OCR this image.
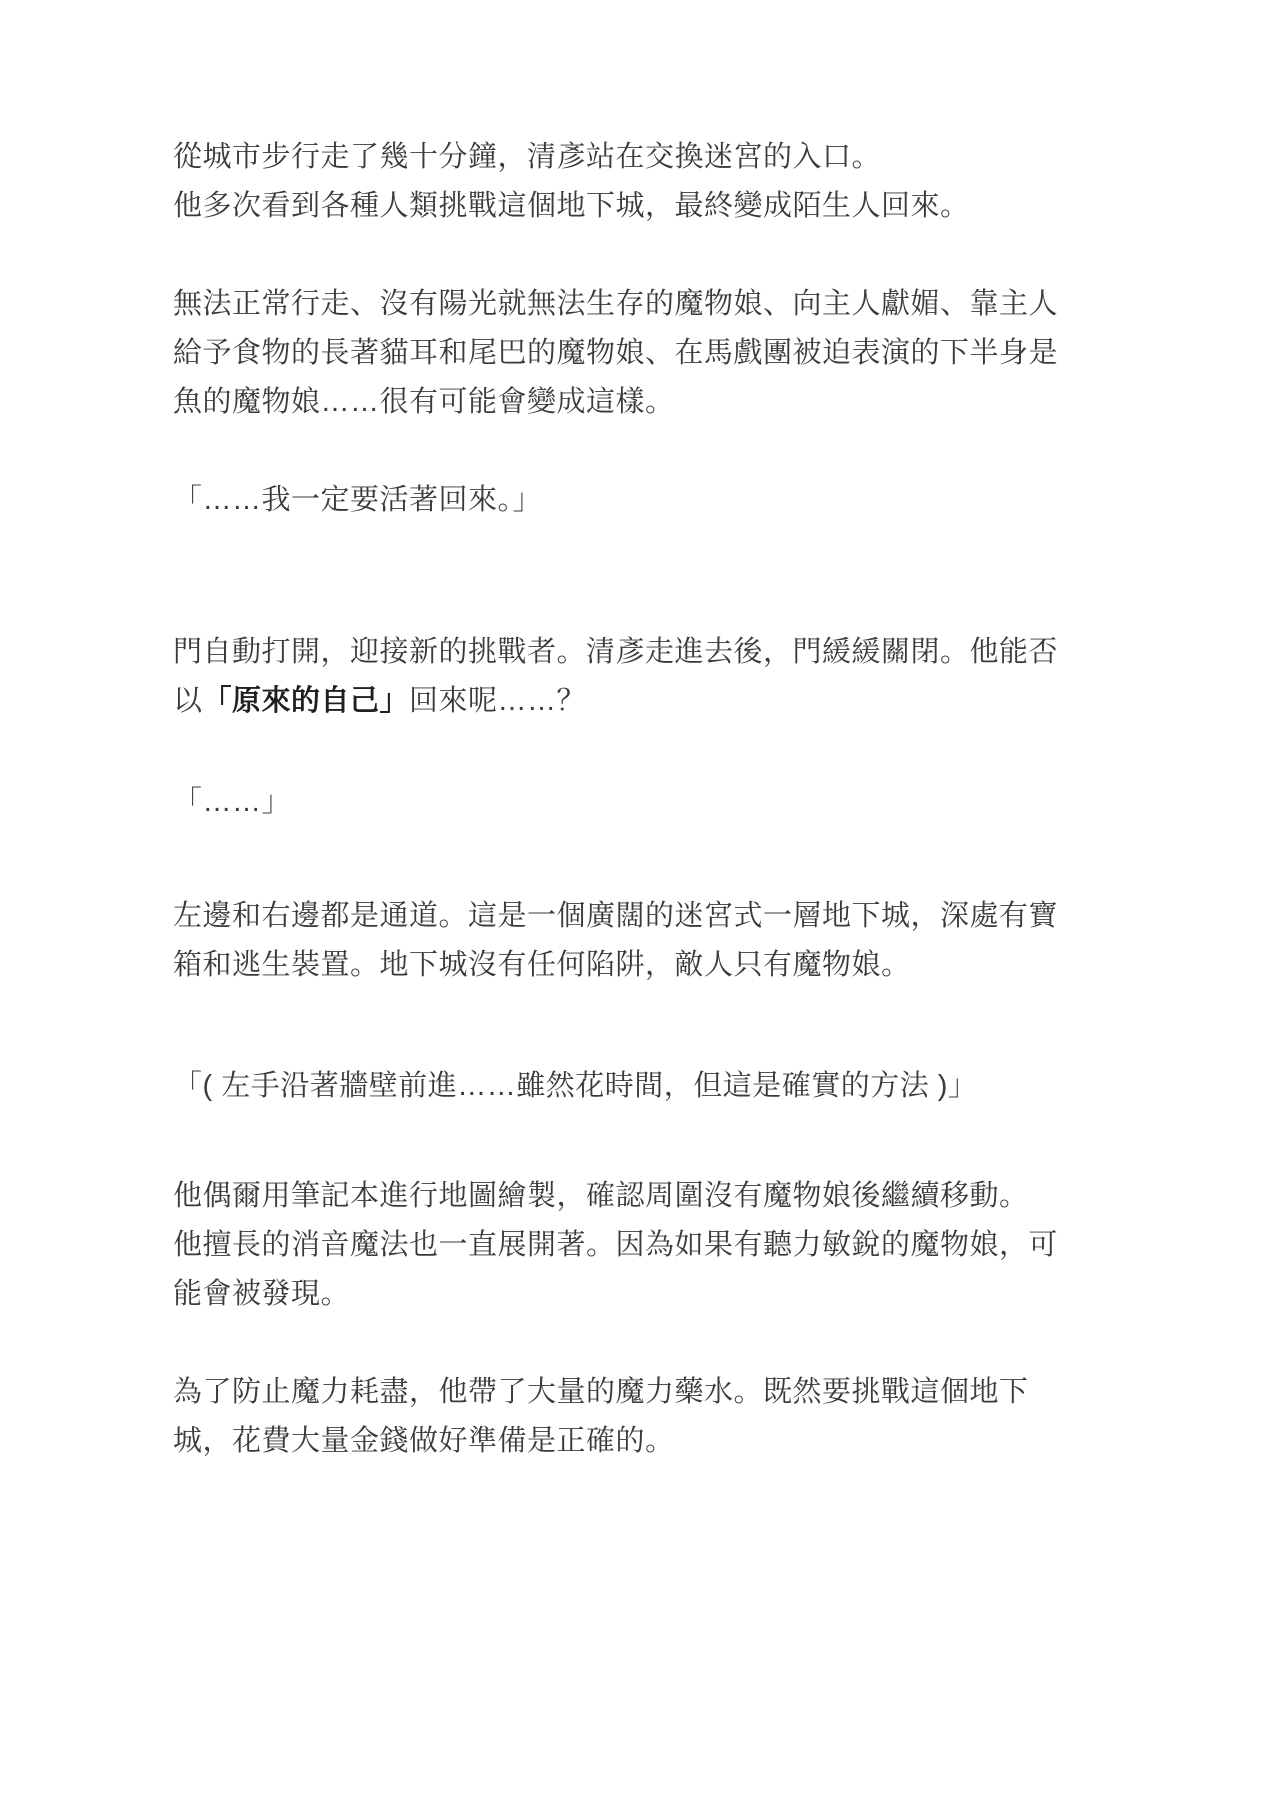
從城市步行走了幾十分鐘，清彥站在交換迷宮的入口。
他多次看到各種人類挑戰這個地下城，最終變成陌生人回來。
無法正常行走、沒有陽光就無法生存的魔物娘、向主人獻媚、靠主人
給予食物的長著貓耳和尾巴的魔物娘、在馬戲團被迫表演的下半身是
魚的魔物娘……很有可能會變成這樣。
「……我一定要活著回來。」
門自動打開，迎接新的挑戰者。清彥走進去後，門緩緩關閉。他能否
以「原來的自己」回來呢……？
「……」
左邊和右邊都是通道。這是一個廣闊的迷宮式一層地下城，深處有寶
箱和逃生裝置。地下城沒有任何陷阱，敵人只有魔物娘。
「( 左手沿著牆壁前進……雖然花時間，但這是確實的方法 )」
他偶爾用筆記本進行地圖繪製，確認周圍沒有魔物娘後繼續移動。
他擅長的消音魔法也一直展開著。因為如果有聽力敏銳的魔物娘，可
能會被發現。
為了防止魔力耗盡，他帶了大量的魔力藥水。既然要挑戰這個地下
城，花費大量金錢做好準備是正確的。
